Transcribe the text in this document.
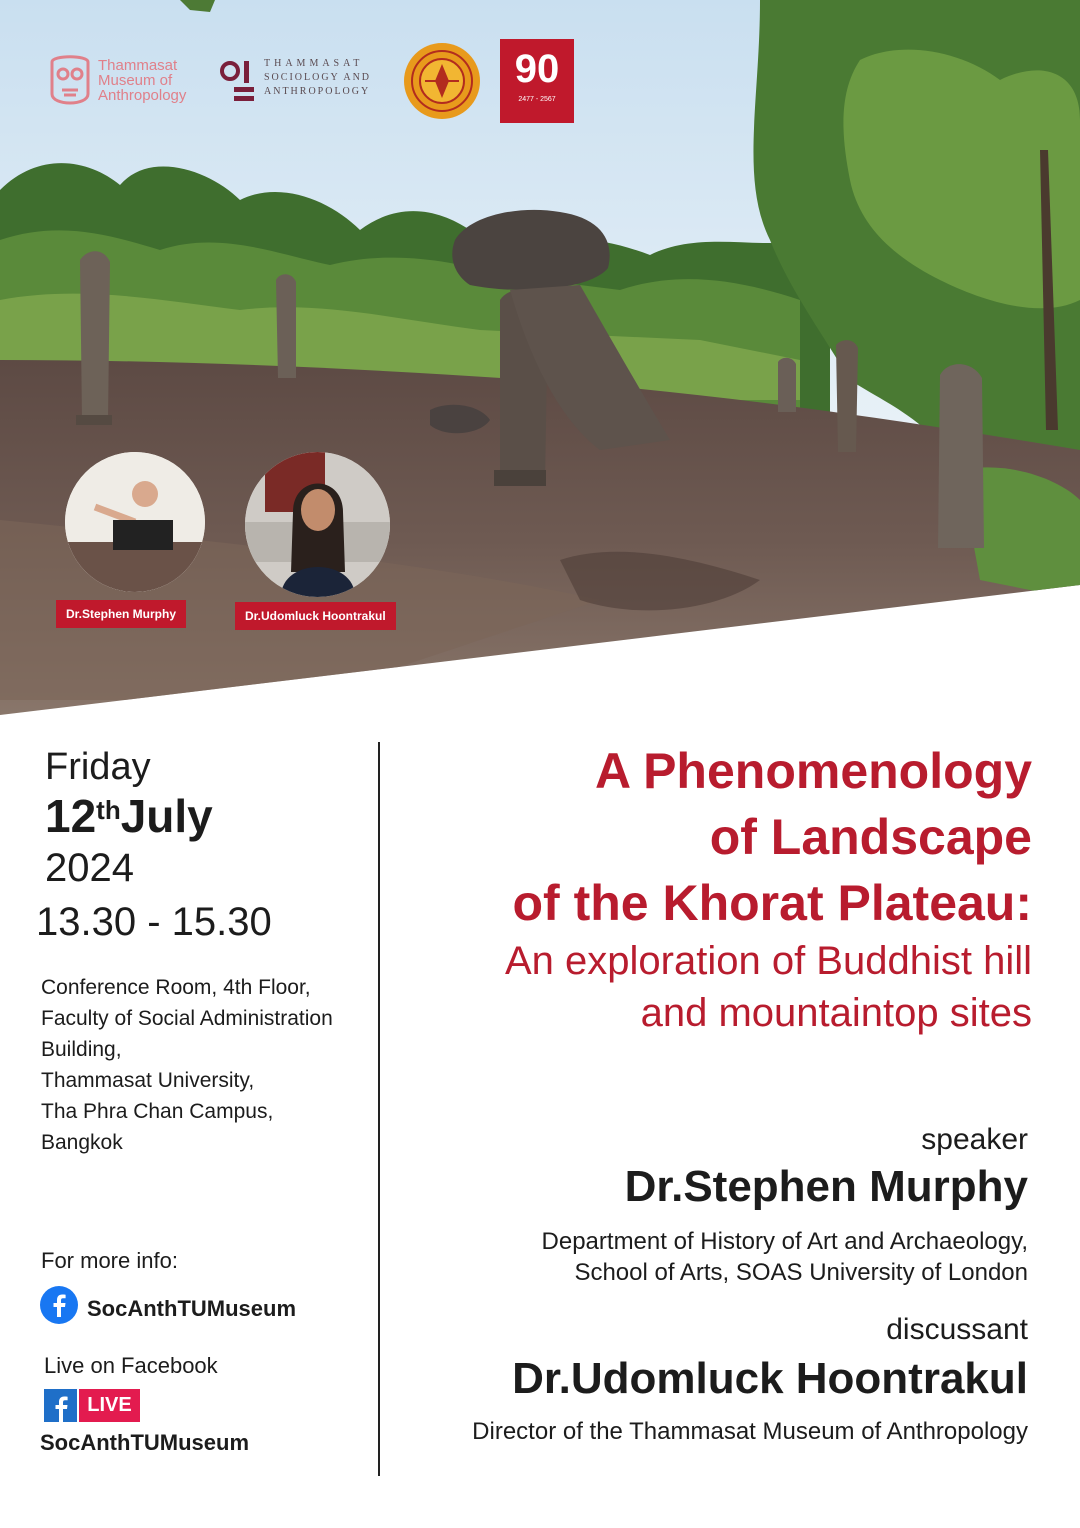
Thammasat
Museum of
Anthropology
THAMMASAT
SOCIOLOGY AND
ANTHROPOLOGY
90
2477 - 2567
Dr.Stephen Murphy	Dr.Udomluck Hoontrakul
Friday
12thJuly
2024
13.30 - 15.30
Conference Room, 4th Floor,
Faculty of Social Administration
Building,
Thammasat University,
Tha Phra Chan Campus,
Bangkok
A Phenomenology
of Landscape
of the Khorat Plateau:
An exploration of Buddhist hill
and mountaintop sites
speaker
Dr.Stephen Murphy
Department of History of Art and Archaeology,
School of Arts, SOAS University of London
discussant
Dr.Udomluck Hoontrakul
Director of the Thammasat Museum of Anthropology
For more info:
SocAnthTUMuseum
Live on Facebook
LIVE
SocAnthTUMuseum
